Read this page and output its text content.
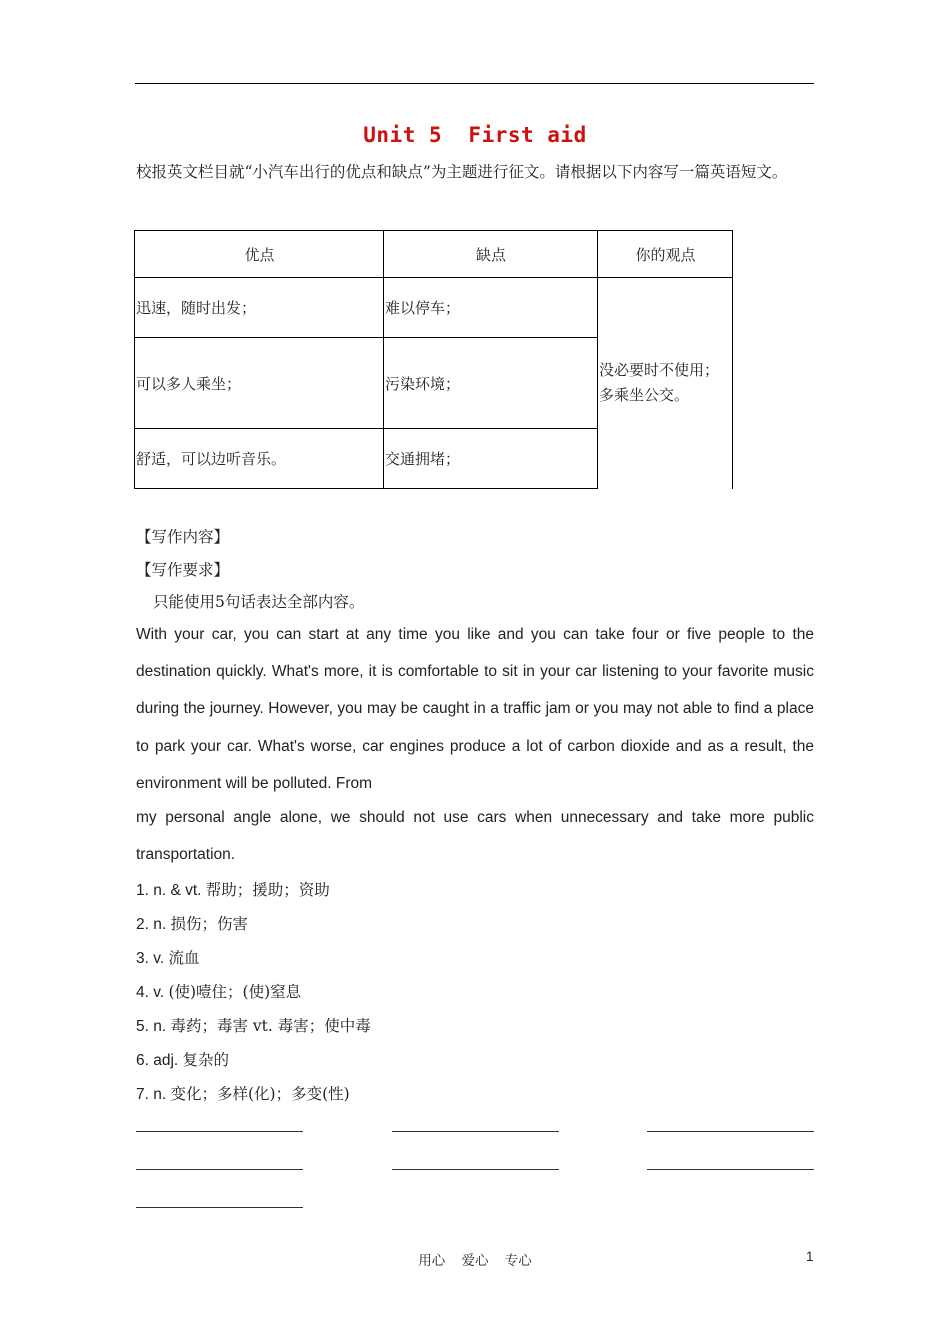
Unit 5  First aid
校报英文栏目就“小汽车出行的优点和缺点”为主题进行征文。请根据以下内容写一篇英语短文。
优点	缺点	你的观点
迅速，随时出发；	难以停车；	没必要时不使用；
多乘坐公交。

可以多人乘坐；	污染环境；	
舒适，可以边听音乐。	交通拥堵；	
【写作内容】
【写作要求】
只能使用5句话表达全部内容。
With your car, you can start at any time you like and you can take four or five people to the destination quickly. What's more, it is comfortable to sit in your car listening to your favorite music during the journey. However, you may be caught in a traffic jam or you may not able to find a place to park your car. What's worse, car engines produce a lot of carbon dioxide and as a result, the environment will be polluted. From
my personal angle alone, we should not use cars when unnecessary and take more public transportation.
1. n. & vt. 帮助；援助；资助
2. n. 损伤；伤害
3. v. 流血
4. v. (使)噎住；(使)窒息
5. n. 毒药；毒害 vt. 毒害；使中毒
6. adj. 复杂的
7. n. 变化；多样(化)；多变(性)
用心 爱心 专心	1
